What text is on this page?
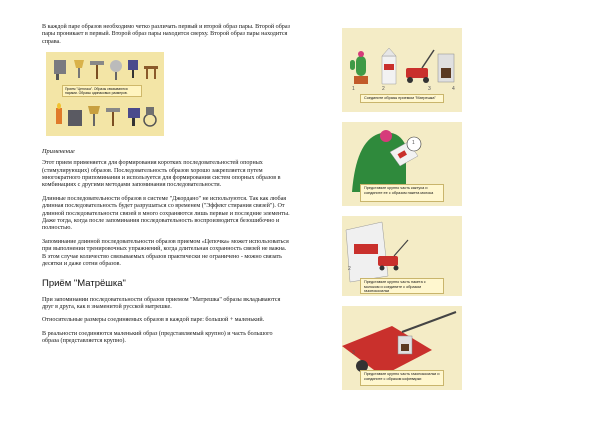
В каждой паре образов необходимо четко различать первый и второй образ пары. Второй образ пары проникает в первый. Второй образ пары находится сверху. Второй образ пары находится справа.

Прием "Цепочка". Образы связываются парами. Образы одинаковых размеров.
Применение

Этот прием применяется для формирования коротких последовательностей опорных (стимулирующих) образов. Последовательность образов хорошо закрепляется путем многократного припоминания и используется для формирования систем опорных образов в комбинациях с другими методами запоминания последовательности.

Длинные последовательности образов в системе "Джордано" не используются. Так как любая длинная последовательность будет разрушаться со временем ("Эффект стирания связей"). От длинной последовательности связей в много сохраняются лишь первые и последние элементы. Даже тогда, когда после запоминания последовательность воспроизводится безошибочно и полностью.

Запоминание длинной последовательности образов приемом «Цепочка» может использоваться при выполнении тренировочных упражнений, когда длительная сохранность связей не важна. В этом случае количество связываемых образов практически не ограничено - можно связать десятки и даже сотни образов.

Приём "Матрёшка"

При запоминании последовательности образов приемом "Матрешка" образы вкладываются друг в друга, как в знаменитой русской матрешке.

Относительные размеры соединяемых образов в каждой паре: большой + маленький.

В реальности соединяются маленький образ (представляемый крупно) и часть большого образа (представляется крупно).

1	2	3	4
Соедините образы приемом "Матрешка"
1
Представьте крупно часть кактуса и соедините ее с образом пакета молока
2
Представьте крупно часть пакета с молоком и соедините с образом газонокосилки
3
Представьте крупно часть газонокосилки и соедините с образом кофеварки
